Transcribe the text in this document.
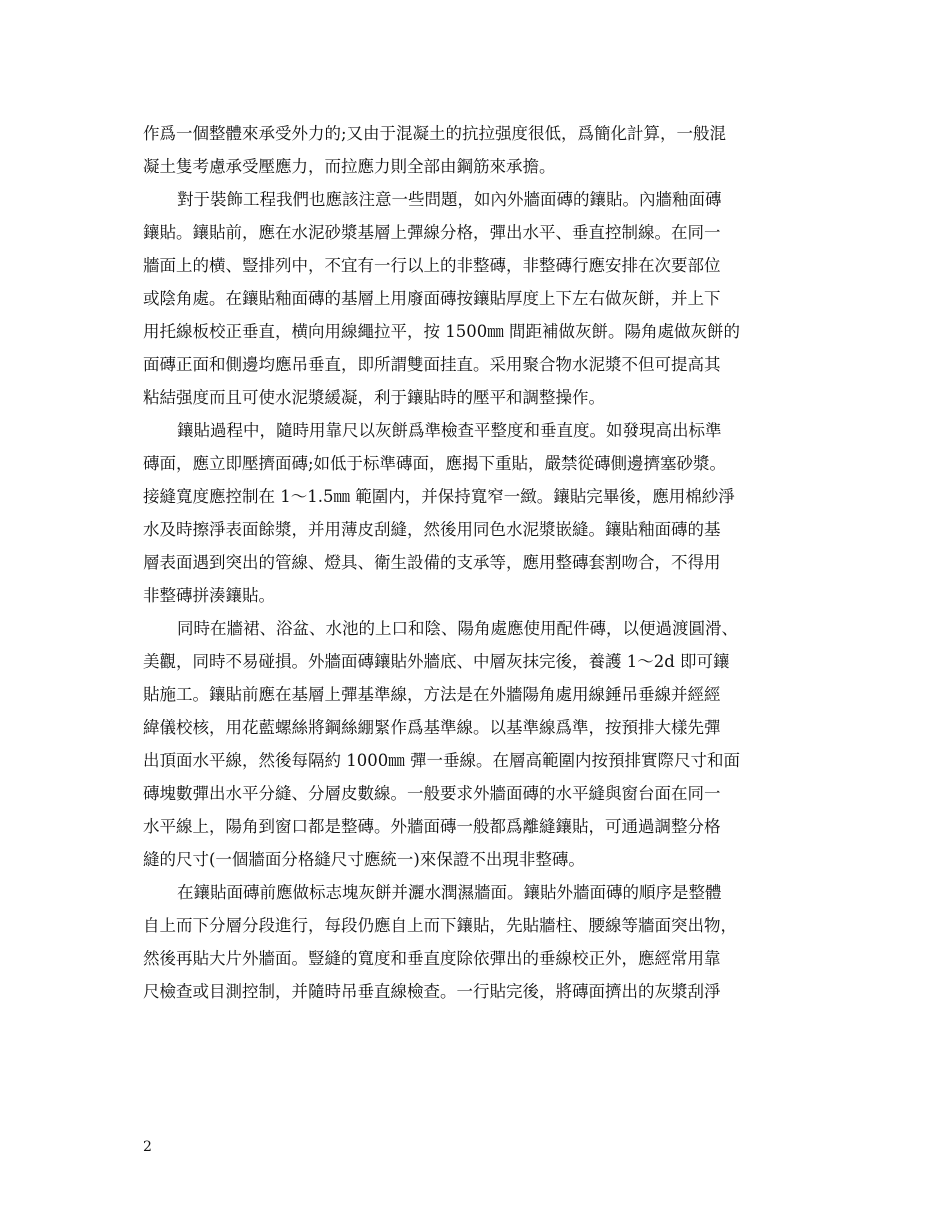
作爲一個整體來承受外力的;又由于混凝土的抗拉强度很低，爲簡化計算，一般混
凝土隻考慮承受壓應力，而拉應力則全部由鋼筋來承擔。
對于裝飾工程我們也應該注意一些問題，如內外牆面磚的鑲貼。內牆釉面磚
鑲貼。鑲貼前，應在水泥砂漿基層上彈線分格，彈出水平、垂直控制線。在同一
牆面上的横、豎排列中，不宜有一行以上的非整磚，非整磚行應安排在次要部位
或陰角處。在鑲貼釉面磚的基層上用廢面磚按鑲貼厚度上下左右做灰餅，并上下
用托線板校正垂直，横向用線繩拉平，按 1500㎜ 間距補做灰餅。陽角處做灰餅的
面磚正面和側邊均應吊垂直，即所謂雙面挂直。采用聚合物水泥漿不但可提高其
粘結强度而且可使水泥漿緩凝，利于鑲貼時的壓平和調整操作。
鑲貼過程中，隨時用靠尺以灰餅爲準檢查平整度和垂直度。如發現高出标準
磚面，應立即壓擠面磚;如低于标準磚面，應揭下重貼，嚴禁從磚側邊擠塞砂漿。
接縫寬度應控制在 1～1.5㎜ 範圍内，并保持寬窄一緻。鑲貼完畢後，應用棉紗淨
水及時擦淨表面餘漿，并用薄皮刮縫，然後用同色水泥漿嵌縫。鑲貼釉面磚的基
層表面遇到突出的管線、燈具、衛生設備的支承等，應用整磚套割吻合，不得用
非整磚拼湊鑲貼。
同時在牆裙、浴盆、水池的上口和陰、陽角處應使用配件磚，以便過渡圓滑、
美觀，同時不易碰損。外牆面磚鑲貼外牆底、中層灰抹完後，養護 1～2d 即可鑲
貼施工。鑲貼前應在基層上彈基準線，方法是在外牆陽角處用線錘吊垂線并經經
緯儀校核，用花藍螺絲將鋼絲綳緊作爲基準線。以基準線爲準，按預排大樣先彈
出頂面水平線，然後每隔約 1000㎜ 彈一垂線。在層高範圍内按預排實際尺寸和面
磚塊數彈出水平分縫、分層皮數線。一般要求外牆面磚的水平縫與窗台面在同一
水平線上，陽角到窗口都是整磚。外牆面磚一般都爲離縫鑲貼，可通過調整分格
縫的尺寸(一個牆面分格縫尺寸應統一)來保證不出現非整磚。
在鑲貼面磚前應做标志塊灰餅并灑水潤濕牆面。鑲貼外牆面磚的順序是整體
自上而下分層分段進行，每段仍應自上而下鑲貼，先貼牆柱、腰線等牆面突出物，
然後再貼大片外牆面。豎縫的寬度和垂直度除依彈出的垂線校正外，應經常用靠
尺檢查或目測控制，并隨時吊垂直線檢查。一行貼完後，將磚面擠出的灰漿刮淨
2
